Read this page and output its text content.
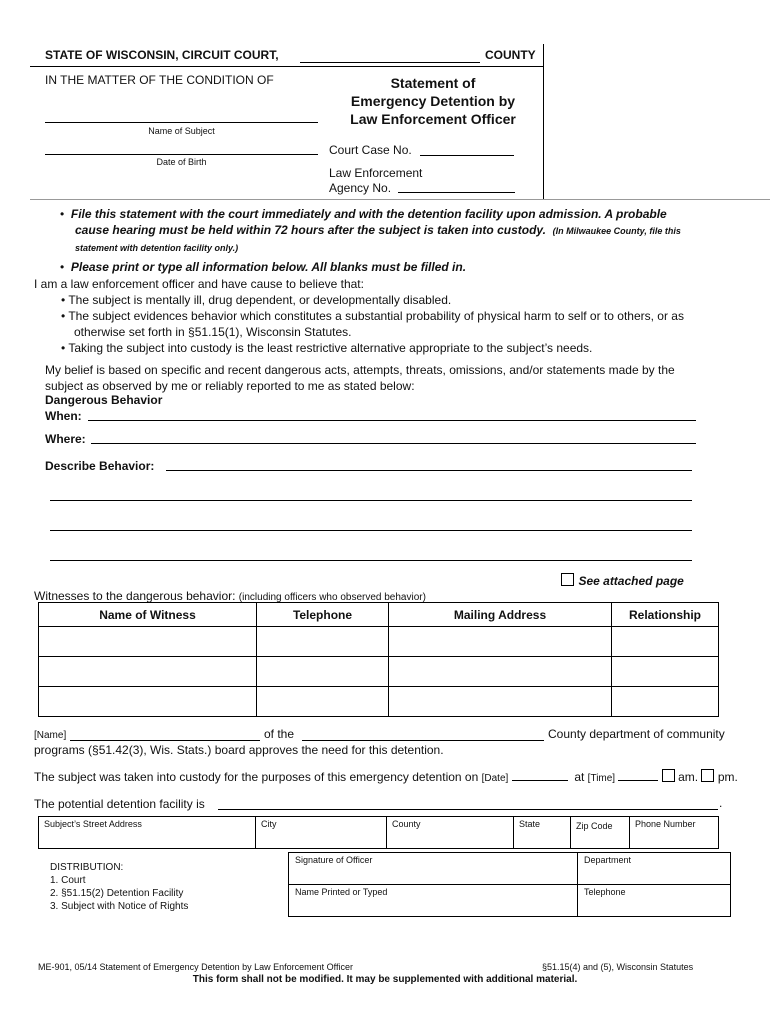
STATE OF WISCONSIN, CIRCUIT COURT,	COUNTY
IN THE MATTER OF THE CONDITION OF
Name of Subject
Date of Birth
Statement of
Emergency Detention by
Law Enforcement Officer
Court Case No.
Law Enforcement
Agency No.
•  File this statement with the court immediately and with the detention facility upon admission. A probable
cause hearing must be held within 72 hours after the subject is taken into custody. (In Milwaukee County, file this
statement with detention facility only.)
•  Please print or type all information below. All blanks must be filled in.
I am a law enforcement officer and have cause to believe that:
• The subject is mentally ill, drug dependent, or developmentally disabled.
• The subject evidences behavior which constitutes a substantial probability of physical harm to self or to others, or as
otherwise set forth in §51.15(1), Wisconsin Statutes.
• Taking the subject into custody is the least restrictive alternative appropriate to the subject’s needs.
My belief is based on specific and recent dangerous acts, attempts, threats, omissions, and/or statements made by the
subject as observed by me or reliably reported to me as stated below:
Dangerous Behavior
When:
Where:
Describe Behavior:
See attached page
Witnesses to the dangerous behavior: (including officers who observed behavior)
Name of Witness	Telephone	Mailing Address	Relationship

[Name]	of the	County department of community
programs (§51.42(3), Wis. Stats.) board approves the need for this detention.
The subject was taken into custody for the purposes of this emergency detention on [Date]	at [Time]	am. pm.
The potential detention facility is	.
Subject’s Street Address	City	County	State	Zip Code	Phone Number
DISTRIBUTION:
1. Court
2. §51.15(2) Detention Facility
3. Subject with Notice of Rights
Signature of Officer	Department
Name Printed or Typed	Telephone
ME-901, 05/14 Statement of Emergency Detention by Law Enforcement Officer	§51.15(4) and (5), Wisconsin Statutes
This form shall not be modified. It may be supplemented with additional material.
